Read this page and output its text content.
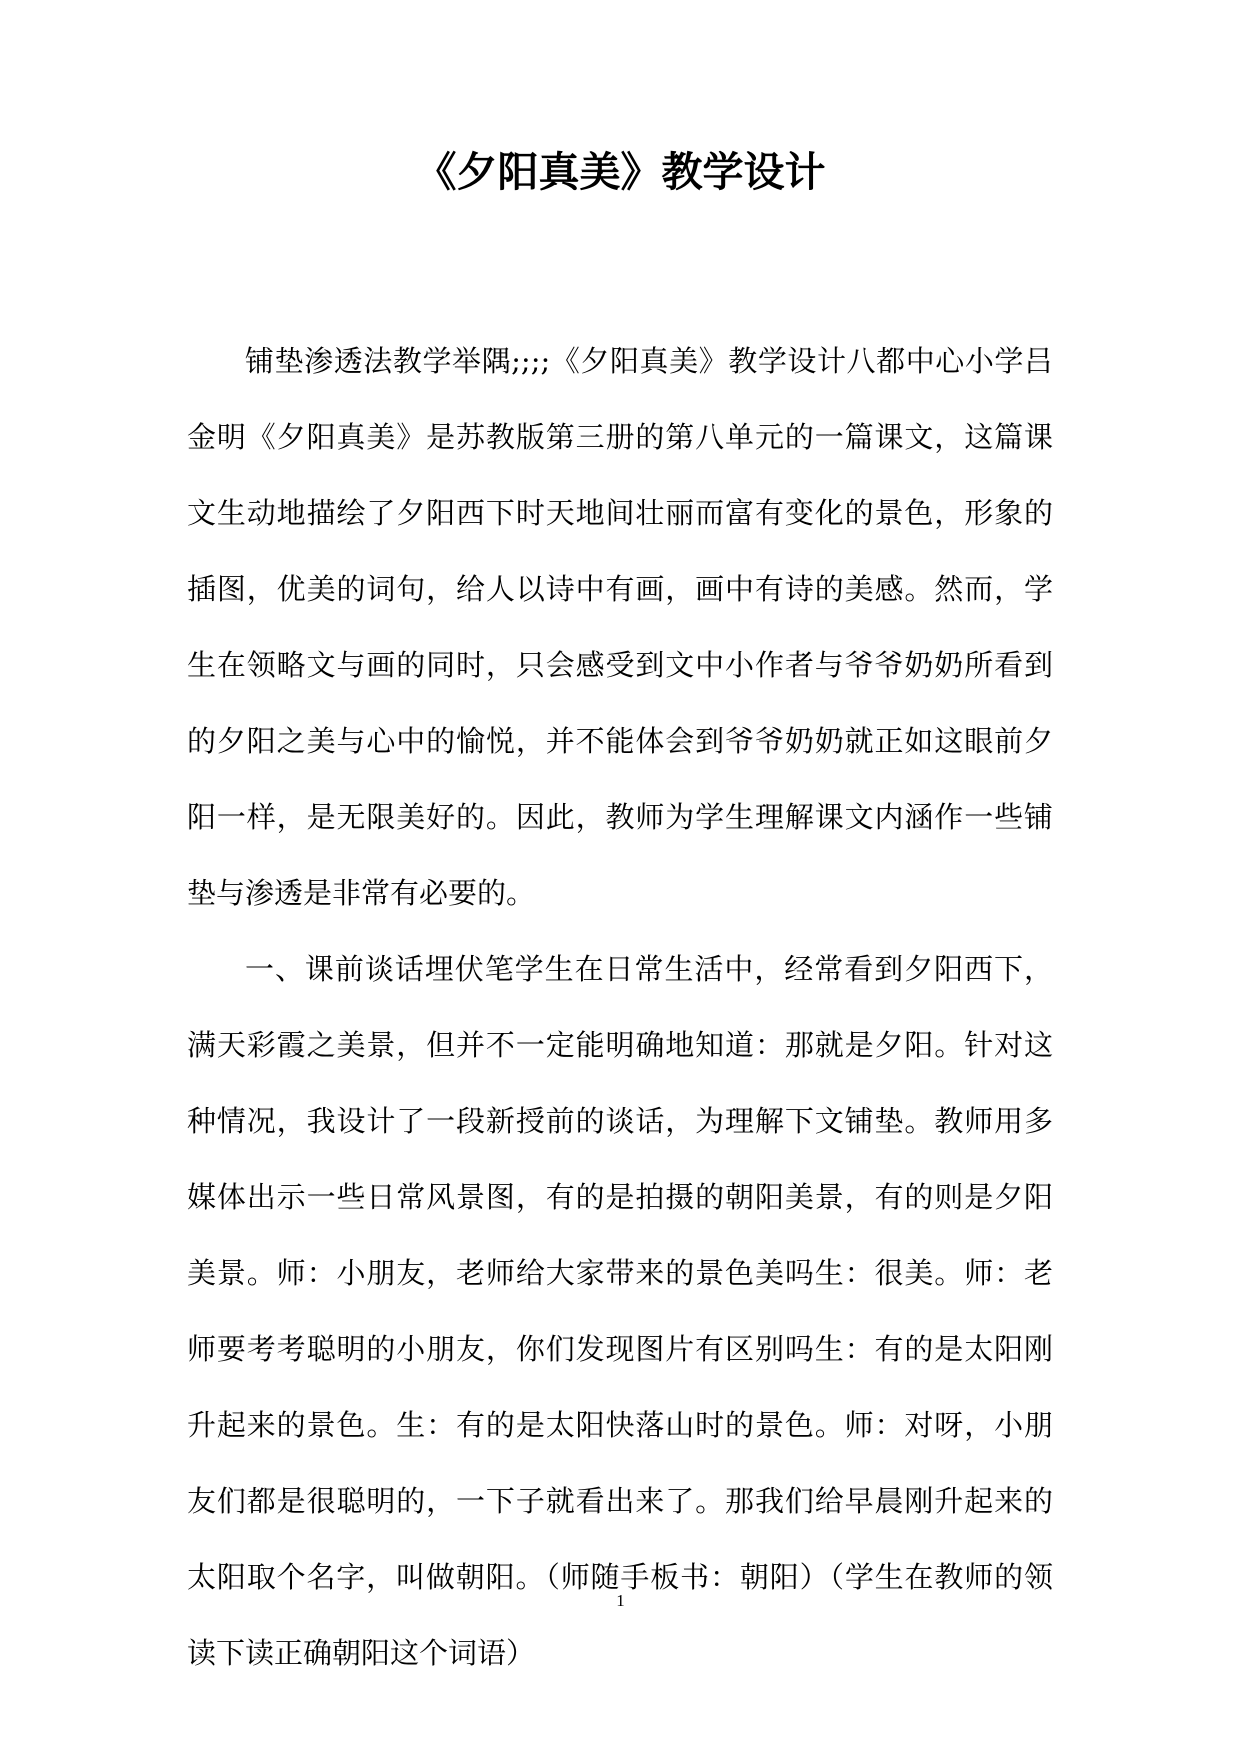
《夕阳真美》教学设计

铺垫渗透法教学举隅;;;;《夕阳真美》教学设计八都中心小学吕金明《夕阳真美》是苏教版第三册的第八单元的一篇课文，这篇课文生动地描绘了夕阳西下时天地间壮丽而富有变化的景色，形象的插图，优美的词句，给人以诗中有画，画中有诗的美感。然而，学生在领略文与画的同时，只会感受到文中小作者与爷爷奶奶所看到的夕阳之美与心中的愉悦，并不能体会到爷爷奶奶就正如这眼前夕阳一样，是无限美好的。因此，教师为学生理解课文内涵作一些铺垫与渗透是非常有必要的。

一、课前谈话埋伏笔学生在日常生活中，经常看到夕阳西下，满天彩霞之美景，但并不一定能明确地知道：那就是夕阳。针对这种情况，我设计了一段新授前的谈话，为理解下文铺垫。教师用多媒体出示一些日常风景图，有的是拍摄的朝阳美景，有的则是夕阳美景。师：小朋友，老师给大家带来的景色美吗生：很美。师：老师要考考聪明的小朋友，你们发现图片有区别吗生：有的是太阳刚升起来的景色。生：有的是太阳快落山时的景色。师：对呀，小朋友们都是很聪明的，一下子就看出来了。那我们给早晨刚升起来的太阳取个名字，叫做朝阳。（师随手板书：朝阳）（学生在教师的领读下读正确朝阳这个词语）

1
